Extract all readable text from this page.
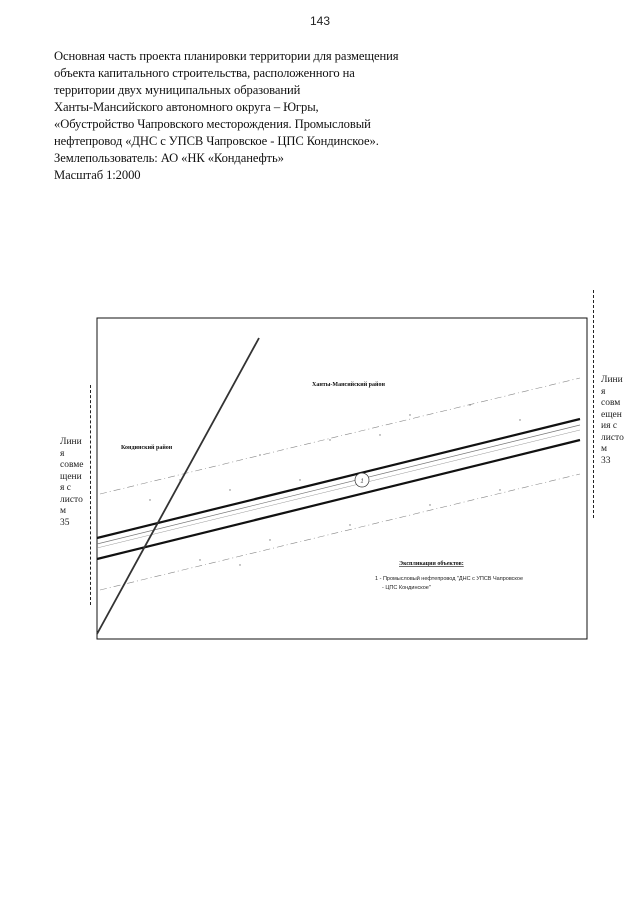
143
Основная часть проекта планировки территории для размещения
объекта капитального строительства, расположенного на
территории двух муниципальных образований
Ханты-Мансийского автономного округа – Югры,
«Обустройство Чапровского месторождения. Промысловый
нефтепровод «ДНС с УПСВ Чапровское - ЦПС Кондинское».
Землепользователь: АО «НК «Конданефть»
Масштаб 1:2000
Лини
я
совм
ещен
ия с
листо
м
33
Лини
я
совме
щени
я с
листо
м
35
1
Ханты-Мансийский район
Кондинский район
Экспликация объектов:
1 - Промысловый нефтепровод "ДНС с УПСВ Чапровское
- ЦПС Кондинское"
